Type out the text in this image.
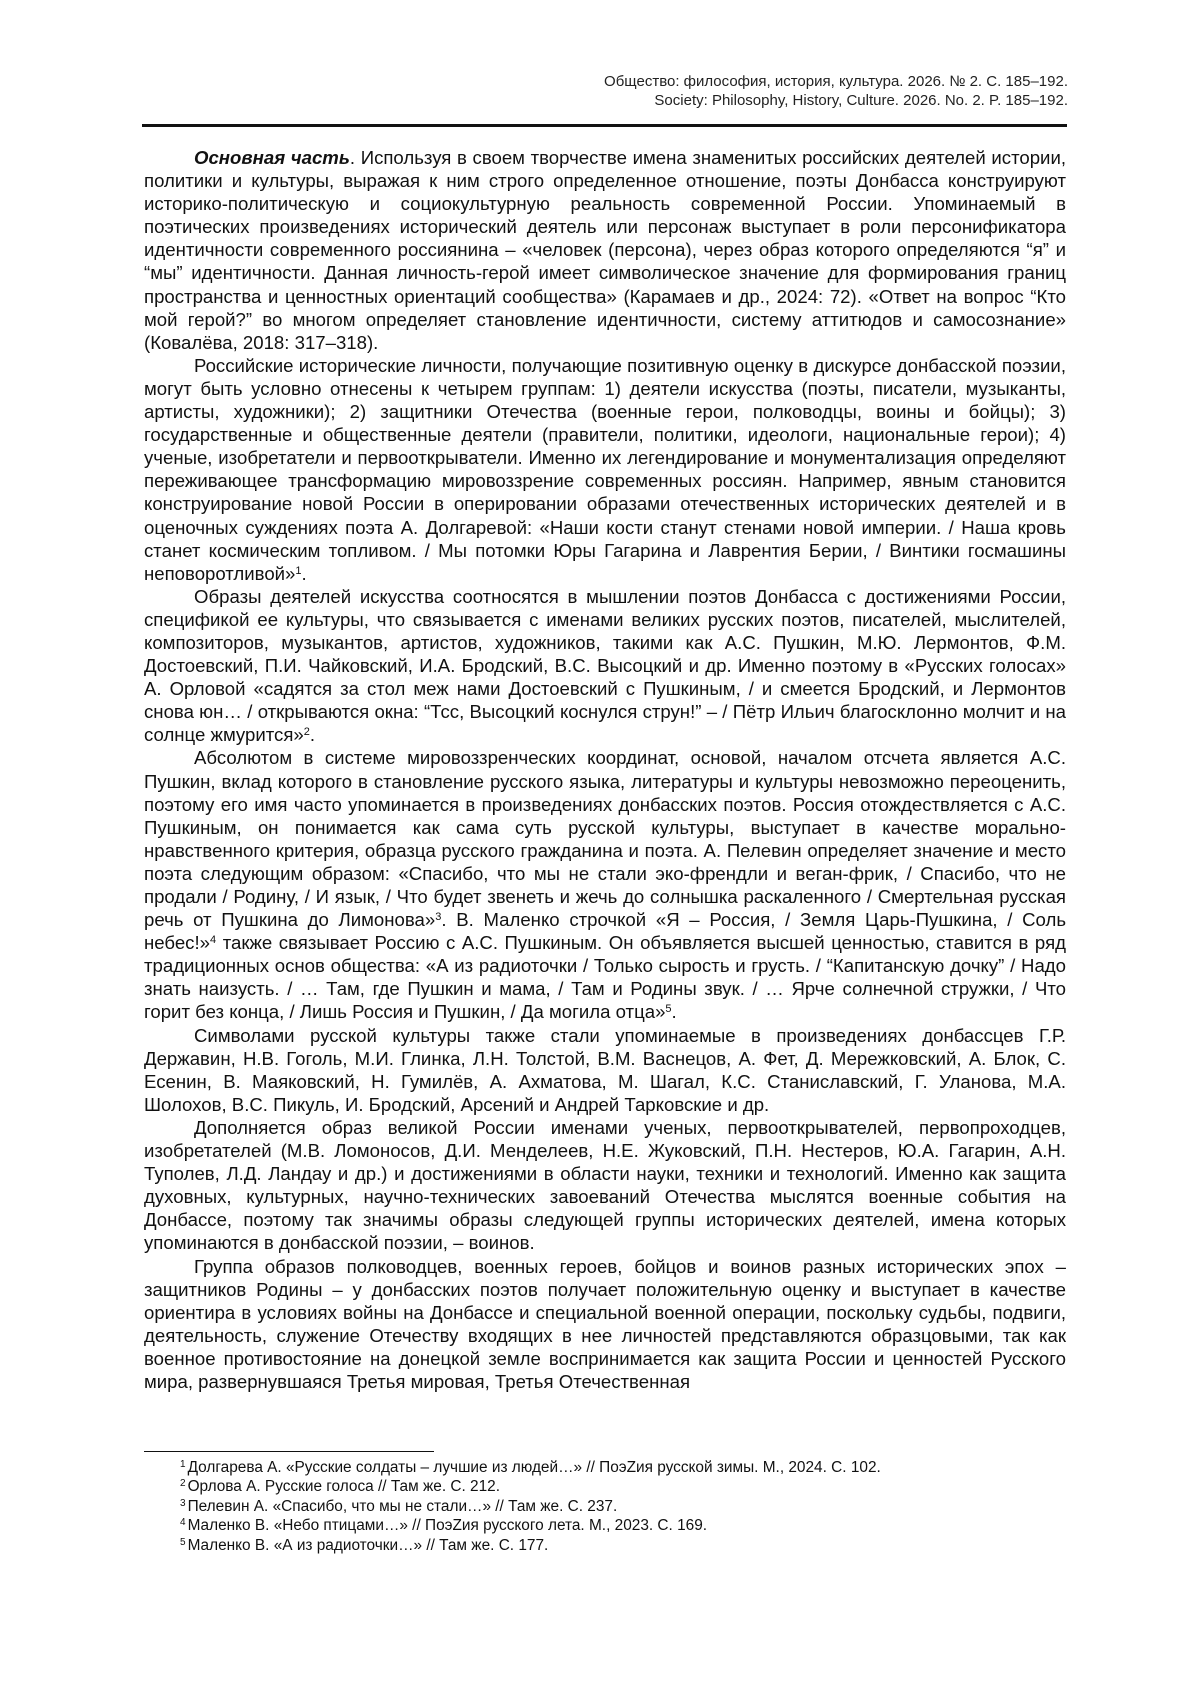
Общество: философия, история, культура. 2026. № 2. С. 185–192.
Society: Philosophy, History, Culture. 2026. No. 2. P. 185–192.

Основная часть. Используя в своем творчестве имена знаменитых российских деятелей истории, политики и культуры, выражая к ним строго определенное отношение, поэты Донбасса конструируют историко-политическую и социокультурную реальность современной России. Упоминаемый в поэтических произведениях исторический деятель или персонаж выступает в роли персонификатора идентичности современного россиянина – «человек (персона), через образ которого определяются “я” и “мы” идентичности. Данная личность-герой имеет символическое значение для формирования границ пространства и ценностных ориентаций сообщества» (Карамаев и др., 2024: 72). «Ответ на вопрос “Кто мой герой?” во многом определяет становление идентичности, систему аттитюдов и самосознание» (Ковалёва, 2018: 317–318).

Российские исторические личности, получающие позитивную оценку в дискурсе донбасской поэзии, могут быть условно отнесены к четырем группам: 1) деятели искусства (поэты, писатели, музыканты, артисты, художники); 2) защитники Отечества (военные герои, полководцы, воины и бойцы); 3) государственные и общественные деятели (правители, политики, идеологи, национальные герои); 4) ученые, изобретатели и первооткрыватели. Именно их легендирование и монументализация определяют переживающее трансформацию мировоззрение современных россиян. Например, явным становится конструирование новой России в оперировании образами отечественных исторических деятелей и в оценочных суждениях поэта А. Долгаревой: «Наши кости станут стенами новой империи. / Наша кровь станет космическим топливом. / Мы потомки Юры Гагарина и Лаврентия Берии, / Винтики госмашины неповоротливой»$^1$.

Образы деятелей искусства соотносятся в мышлении поэтов Донбасса с достижениями России, спецификой ее культуры, что связывается с именами великих русских поэтов, писателей, мыслителей, композиторов, музыкантов, артистов, художников, такими как А.С. Пушкин, М.Ю. Лермонтов, Ф.М. Достоевский, П.И. Чайковский, И.А. Бродский, В.С. Высоцкий и др. Именно поэтому в «Русских голосах» А. Орловой «садятся за стол меж нами Достоевский с Пушкиным, / и смеется Бродский, и Лермонтов снова юн… / открываются окна: “Тсс, Высоцкий коснулся струн!” – / Пётр Ильич благосклонно молчит и на солнце жмурится»$^2$.

Абсолютом в системе мировоззренческих координат, основой, началом отсчета является А.С. Пушкин, вклад которого в становление русского языка, литературы и культуры невозможно переоценить, поэтому его имя часто упоминается в произведениях донбасских поэтов. Россия отождествляется с А.С. Пушкиным, он понимается как сама суть русской культуры, выступает в качестве морально-нравственного критерия, образца русского гражданина и поэта. А. Пелевин определяет значение и место поэта следующим образом: «Спасибо, что мы не стали эко-френдли и веган-фрик, / Спасибо, что не продали / Родину, / И язык, / Что будет звенеть и жечь до солнышка раскаленного / Смертельная русская речь от Пушкина до Лимонова»$^3$. В. Маленко строчкой «Я – Россия, / Земля Царь-Пушкина, / Соль небес!»$^4$ также связывает Россию с А.С. Пушкиным. Он объявляется высшей ценностью, ставится в ряд традиционных основ общества: «А из радиоточки / Только сырость и грусть. / “Капитанскую дочку” / Надо знать наизусть. / … Там, где Пушкин и мама, / Там и Родины звук. / … Ярче солнечной стружки, / Что горит без конца, / Лишь Россия и Пушкин, / Да могила отца»$^5$.

Символами русской культуры также стали упоминаемые в произведениях донбассцев Г.Р. Державин, Н.В. Гоголь, М.И. Глинка, Л.Н. Толстой, В.М. Васнецов, А. Фет, Д. Мережковский, А. Блок, С. Есенин, В. Маяковский, Н. Гумилёв, А. Ахматова, М. Шагал, К.С. Станиславский, Г. Уланова, М.А. Шолохов, В.С. Пикуль, И. Бродский, Арсений и Андрей Тарковские и др.

Дополняется образ великой России именами ученых, первооткрывателей, первопроходцев, изобретателей (М.В. Ломоносов, Д.И. Менделеев, Н.Е. Жуковский, П.Н. Нестеров, Ю.А. Гагарин, А.Н. Туполев, Л.Д. Ландау и др.) и достижениями в области науки, техники и технологий. Именно как защита духовных, культурных, научно-технических завоеваний Отечества мыслятся военные события на Донбассе, поэтому так значимы образы следующей группы исторических деятелей, имена которых упоминаются в донбасской поэзии, – воинов.

Группа образов полководцев, военных героев, бойцов и воинов разных исторических эпох – защитников Родины – у донбасских поэтов получает положительную оценку и выступает в качестве ориентира в условиях войны на Донбассе и специальной военной операции, поскольку судьбы, подвиги, деятельность, служение Отечеству входящих в нее личностей представляются образцовыми, так как военное противостояние на донецкой земле воспринимается как защита России и ценностей Русского мира, развернувшаяся Третья мировая, Третья Отечественная

$^1$ Долгарева А. «Русские солдаты – лучшие из людей…» // ПоэZия русской зимы. М., 2024. С. 102.

$^2$ Орлова А. Русские голоса // Там же. С. 212.

$^3$ Пелевин А. «Спасибо, что мы не стали…» // Там же. С. 237.

$^4$ Маленко В. «Небо птицами…» // ПоэZия русского лета. М., 2023. С. 169.

$^5$ Маленко В. «А из радиоточки…» // Там же. С. 177.
